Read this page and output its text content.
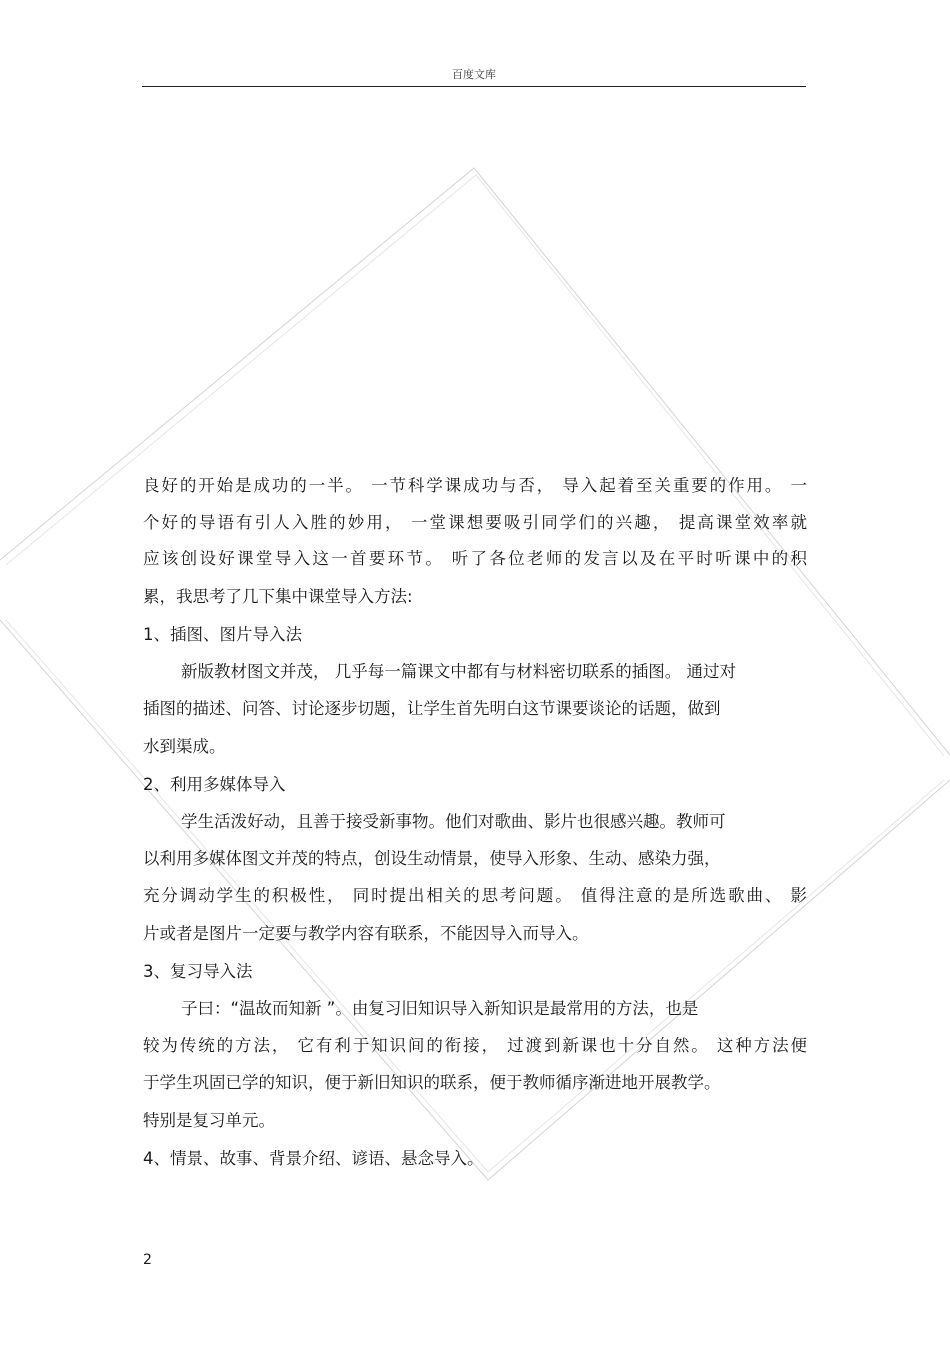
百度文库
良好的开始是成功的一半。 一节科学课成功与否， 导入起着至关重要的作用。 一
个好的导语有引人入胜的妙用， 一堂课想要吸引同学们的兴趣， 提高课堂效率就
应该创设好课堂导入这一首要环节。 听了各位老师的发言以及在平时听课中的积
累，我思考了几下集中课堂导入方法:
1、插图、图片导入法
新版教材图文并茂， 几乎每一篇课文中都有与材料密切联系的插图。 通过对
插图的描述、问答、讨论逐步切题，让学生首先明白这节课要谈论的话题，做到
水到渠成。
2、利用多媒体导入
学生活泼好动，且善于接受新事物。他们对歌曲、影片也很感兴趣。教师可
以利用多媒体图文并茂的特点，创设生动情景，使导入形象、生动、感染力强，
充分调动学生的积极性， 同时提出相关的思考问题。 值得注意的是所选歌曲、 影
片或者是图片一定要与教学内容有联系，不能因导入而导入。
3、复习导入法
子曰：“温故而知新 ”。由复习旧知识导入新知识是最常用的方法，也是
较为传统的方法， 它有利于知识间的衔接， 过渡到新课也十分自然。 这种方法便
于学生巩固已学的知识，便于新旧知识的联系，便于教师循序渐进地开展教学。
特别是复习单元。
4、情景、故事、背景介绍、谚语、悬念导入。
2
